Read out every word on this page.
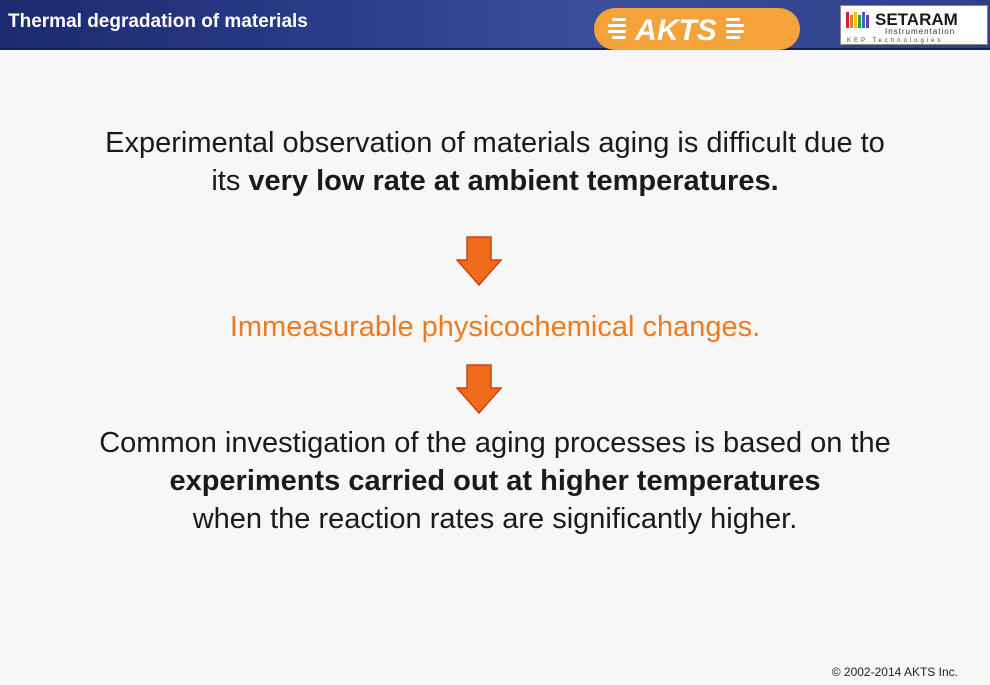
Thermal degradation of materials	AKTS	SETARAM
Instrumentation
KEP Technologies
Experimental observation of materials aging is difficult due to
its very low rate at ambient temperatures.
Immeasurable physicochemical changes.
Common investigation of the aging processes is based on the
experiments carried out at higher temperatures
when the reaction rates are significantly higher.
© 2002-2014 AKTS Inc.
